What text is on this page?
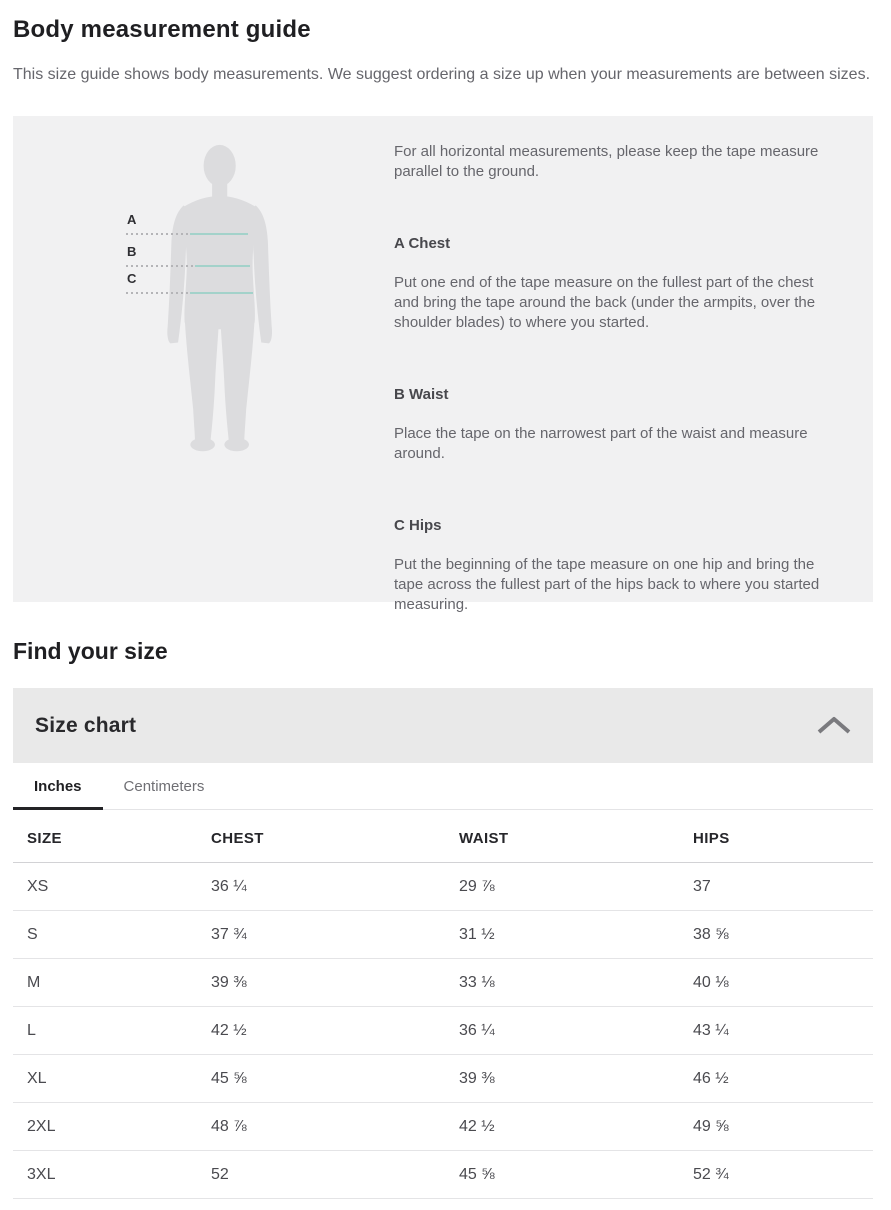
Body measurement guide

This size guide shows body measurements. We suggest ordering a size up when your measurements are between sizes.

A
B
C

For all horizontal measurements, please keep the tape measure parallel to the ground.

A Chest

Put one end of the tape measure on the fullest part of the chest and bring the tape around the back (under the armpits, over the shoulder blades) to where you started.

B Waist

Place the tape on the narrowest part of the waist and measure around.

C Hips

Put the beginning of the tape measure on one hip and bring the tape across the fullest part of the hips back to where you started measuring.

Find your size
Size chart
Inches	Centimeters
SIZE	CHEST	WAIST	HIPS
XS	36 ¼	29 ⅞	37
S	37 ¾	31 ½	38 ⅝
M	39 ⅜	33 ⅛	40 ⅛
L	42 ½	36 ¼	43 ¼
XL	45 ⅝	39 ⅜	46 ½
2XL	48 ⅞	42 ½	49 ⅝
3XL	52	45 ⅝	52 ¾
